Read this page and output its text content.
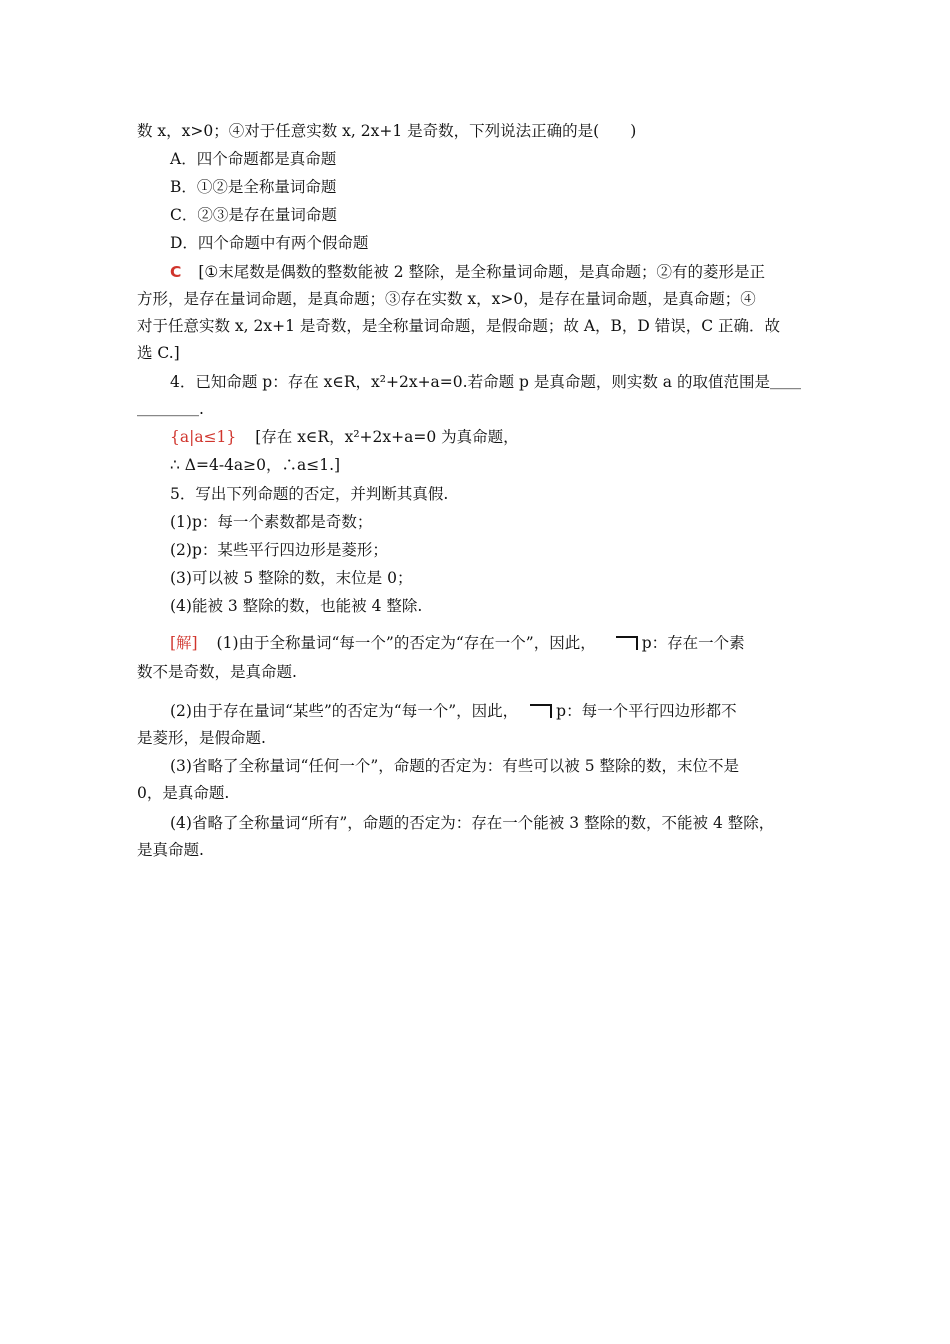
数 x，x>0；④对于任意实数 x, 2x+1 是奇数，下列说法正确的是(　　)
A．四个命题都是真命题
B．①②是全称量词命题
C．②③是存在量词命题
D．四个命题中有两个假命题
C [①末尾数是偶数的整数能被 2 整除，是全称量词命题，是真命题；②有的菱形是正
方形，是存在量词命题，是真命题；③存在实数 x，x>0，是存在量词命题，是真命题；④
对于任意实数 x, 2x+1 是奇数，是全称量词命题，是假命题；故 A，B，D 错误，C 正确．故
选 C.]
4．已知命题 p：存在 x∈R，x²+2x+a=0.若命题 p 是真命题，则实数 a 的取值范围是＿＿
＿＿＿＿.
{a|a≤1} [存在 x∈R，x²+2x+a=0 为真命题，
∴ Δ=4-4a≥0，∴a≤1.]
5．写出下列命题的否定，并判断其真假.
(1)p：每一个素数都是奇数；
(2)p：某些平行四边形是菱形；
(3)可以被 5 整除的数，末位是 0；
(4)能被 3 整除的数，也能被 4 整除.
[解] (1)由于全称量词“每一个”的否定为“存在一个”，因此，	p：存在一个素
数不是奇数，是真命题.
(2)由于存在量词“某些”的否定为“每一个”，因此， p：每一个平行四边形都不
是菱形，是假命题.
(3)省略了全称量词“任何一个”，命题的否定为：有些可以被 5 整除的数，末位不是
0，是真命题.
(4)省略了全称量词“所有”，命题的否定为：存在一个能被 3 整除的数，不能被 4 整除，
是真命题.
